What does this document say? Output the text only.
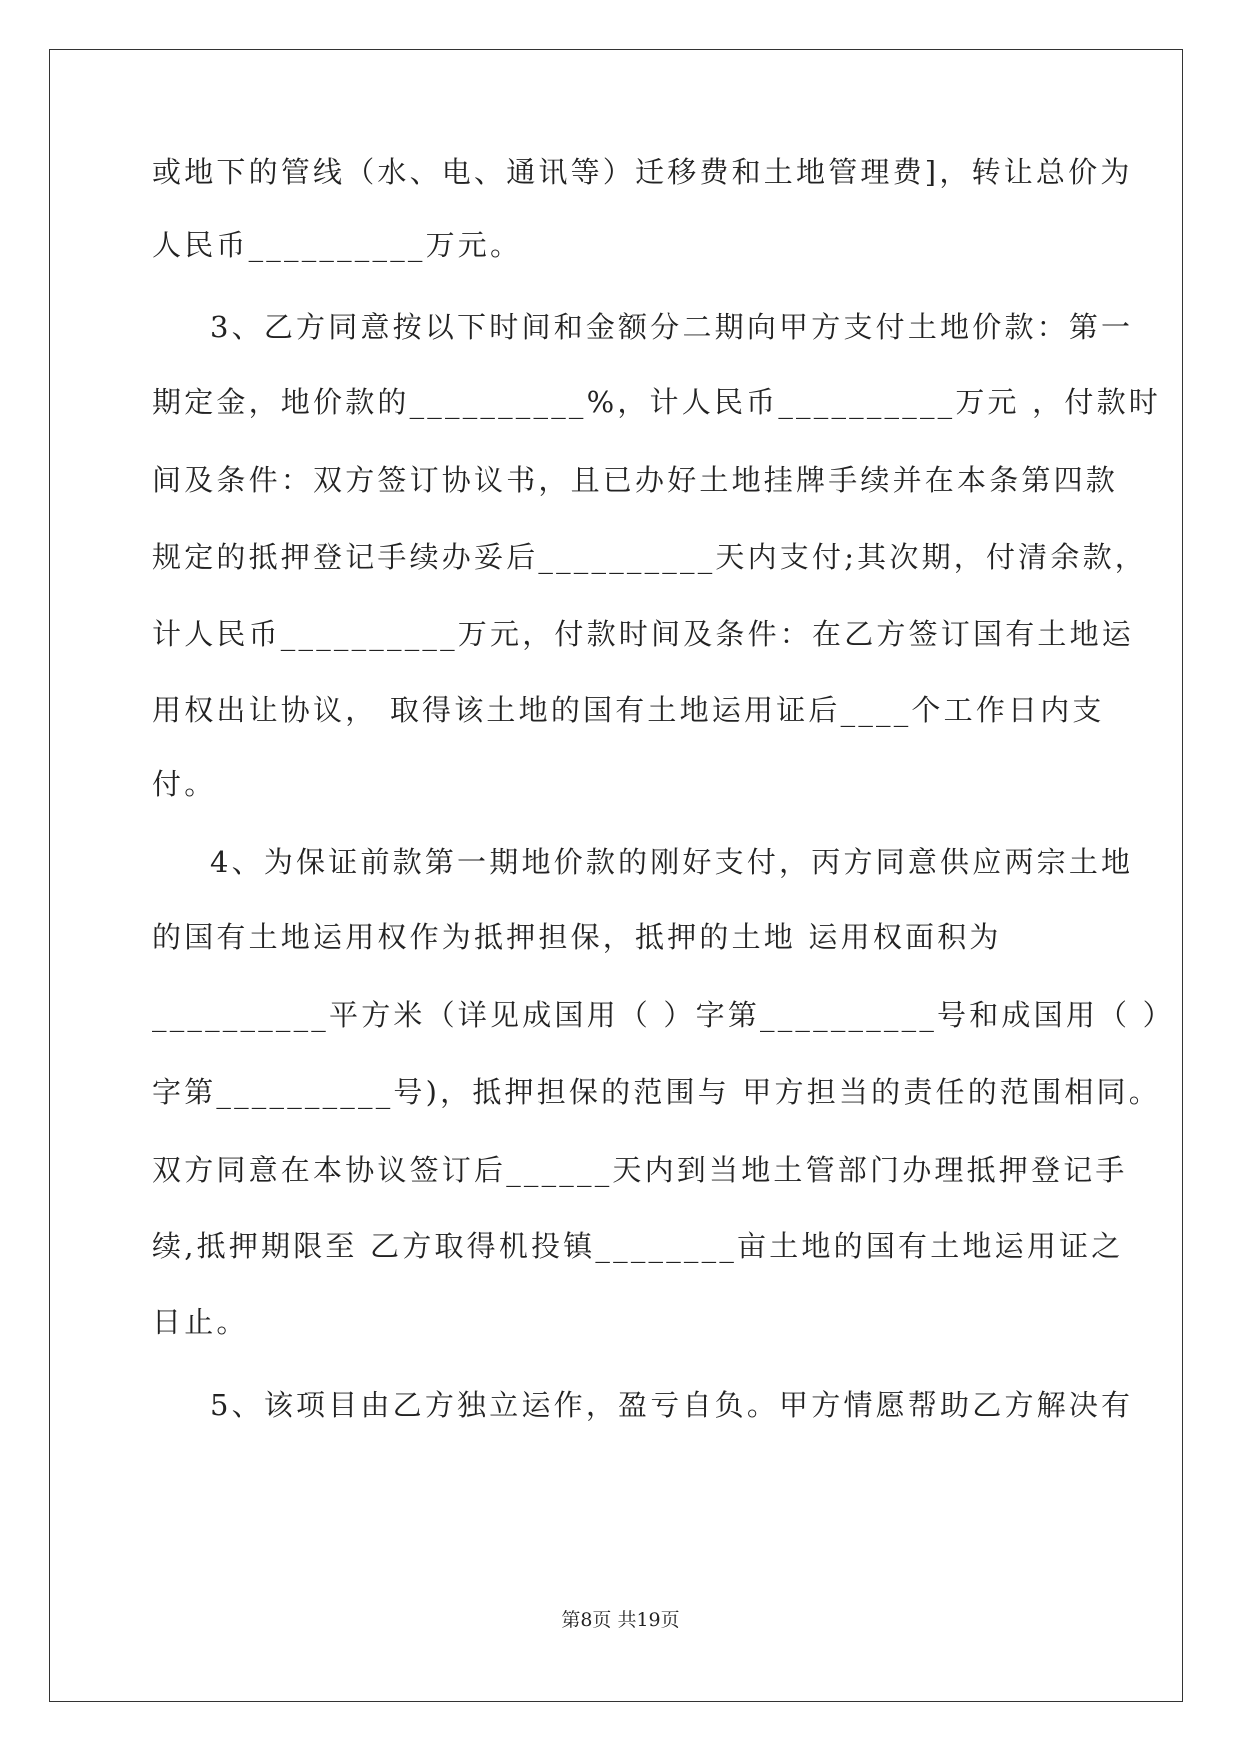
或地下的管线（水、电、通讯等）迁移费和土地管理费]，转让总价为
人民币__________万元。
3、乙方同意按以下时间和金额分二期向甲方支付土地价款：第一
期定金，地价款的__________%，计人民币__________万元 ，付款时
间及条件：双方签订协议书，且已办好土地挂牌手续并在本条第四款
规定的抵押登记手续办妥后__________天内支付;其次期，付清余款，
计人民币__________万元，付款时间及条件：在乙方签订国有土地运
用权出让协议， 取得该土地的国有土地运用证后____个工作日内支
付。
4、为保证前款第一期地价款的刚好支付，丙方同意供应两宗土地
的国有土地运用权作为抵押担保，抵押的土地 运用权面积为
__________平方米（详见成国用（ ）字第__________号和成国用（ ）
字第__________号)，抵押担保的范围与 甲方担当的责任的范围相同。
双方同意在本协议签订后______天内到当地土管部门办理抵押登记手
续,抵押期限至 乙方取得机投镇________亩土地的国有土地运用证之
日止。
5、该项目由乙方独立运作，盈亏自负。甲方情愿帮助乙方解决有
第8页 共19页
